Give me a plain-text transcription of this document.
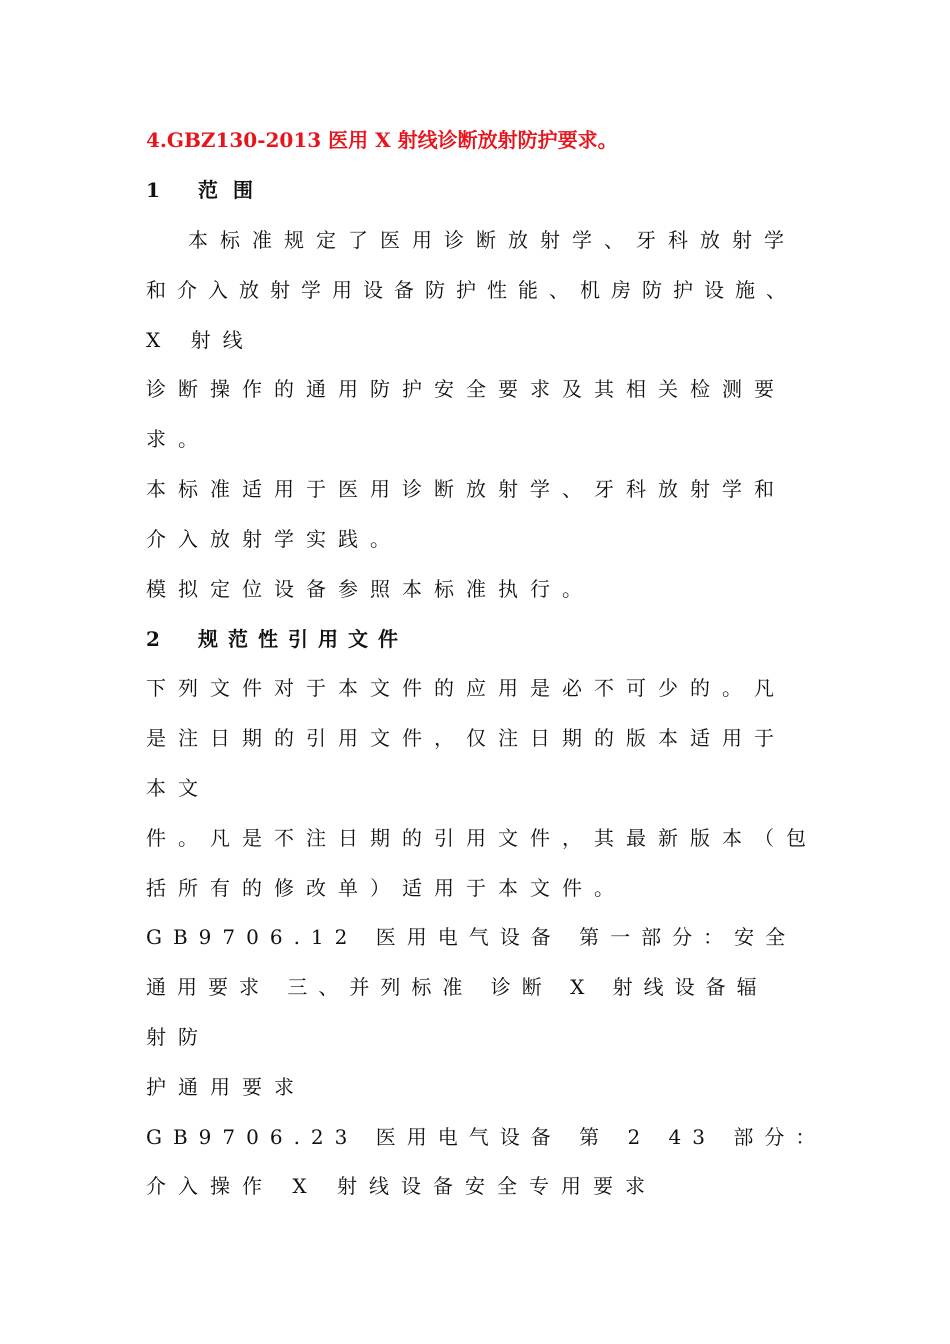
4.GBZ130-2013 医用 X 射线诊断放射防护要求。
1 范 围
本标准规定了医用诊断放射学、牙科放射学
和介入放射学用设备防护性能、机房防护设施、
X 射线
诊断操作的通用防护安全要求及其相关检测要
求。
本标准适用于医用诊断放射学、牙科放射学和
介入放射学实践。
模拟定位设备参照本标准执行。
2 规范性引用文件
下列文件对于本文件的应用是必不可少的。凡
是注日期的引用文件，仅注日期的版本适用于
本文
件。凡是不注日期的引用文件，其最新版本（包
括所有的修改单）适用于本文件。
GB9706.12 医用电气设备 第一部分：安全
通用要求 三、并列标准 诊断 X 射线设备辐
射防
护通用要求
GB9706.23 医用电气设备 第 2 43 部分：
介入操作 X 射线设备安全专用要求
